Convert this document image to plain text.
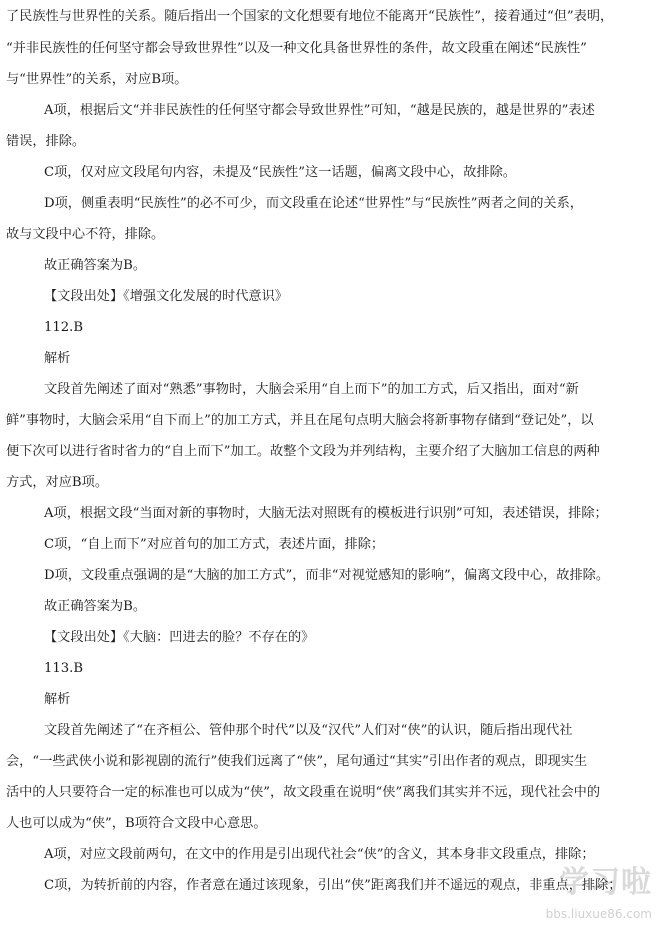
了民族性与世界性的关系。随后指出一个国家的文化想要有地位不能离开“民族性”，接着通过“但”表明，
“并非民族性的任何坚守都会导致世界性”以及一种文化具备世界性的条件，故文段重在阐述“民族性”
与“世界性”的关系，对应B项。
A项，根据后文“并非民族性的任何坚守都会导致世界性”可知，“越是民族的，越是世界的”表述
错误，排除。
C项，仅对应文段尾句内容，未提及“民族性”这一话题，偏离文段中心，故排除。
D项，侧重表明“民族性”的必不可少，而文段重在论述“世界性”与“民族性”两者之间的关系，
故与文段中心不符，排除。
故正确答案为B。
【文段出处】《增强文化发展的时代意识》
112.B
解析
文段首先阐述了面对“熟悉”事物时，大脑会采用“自上而下”的加工方式，后又指出，面对“新
鲜”事物时，大脑会采用“自下而上”的加工方式，并且在尾句点明大脑会将新事物存储到“登记处”，以
便下次可以进行省时省力的“自上而下”加工。故整个文段为并列结构，主要介绍了大脑加工信息的两种
方式，对应B项。
A项，根据文段“当面对新的事物时，大脑无法对照既有的模板进行识别”可知，表述错误，排除；
C项，“自上而下”对应首句的加工方式，表述片面，排除；
D项，文段重点强调的是“大脑的加工方式”，而非“对视觉感知的影响”，偏离文段中心，故排除。
故正确答案为B。
【文段出处】《大脑：凹进去的脸？不存在的》
113.B
解析
文段首先阐述了“在齐桓公、管仲那个时代”以及“汉代”人们对“侠”的认识，随后指出现代社
会，“一些武侠小说和影视剧的流行”使我们远离了“侠”，尾句通过“其实”引出作者的观点，即现实生
活中的人只要符合一定的标准也可以成为“侠”，故文段重在说明“侠”离我们其实并不远，现代社会中的
人也可以成为“侠”，B项符合文段中心意思。
A项，对应文段前两句，在文中的作用是引出现代社会“侠”的含义，其本身非文段重点，排除；
C项，为转折前的内容，作者意在通过该现象，引出“侠”距离我们并不遥远的观点，非重点，排除；
学习啦
bbs.liuxue86.com
